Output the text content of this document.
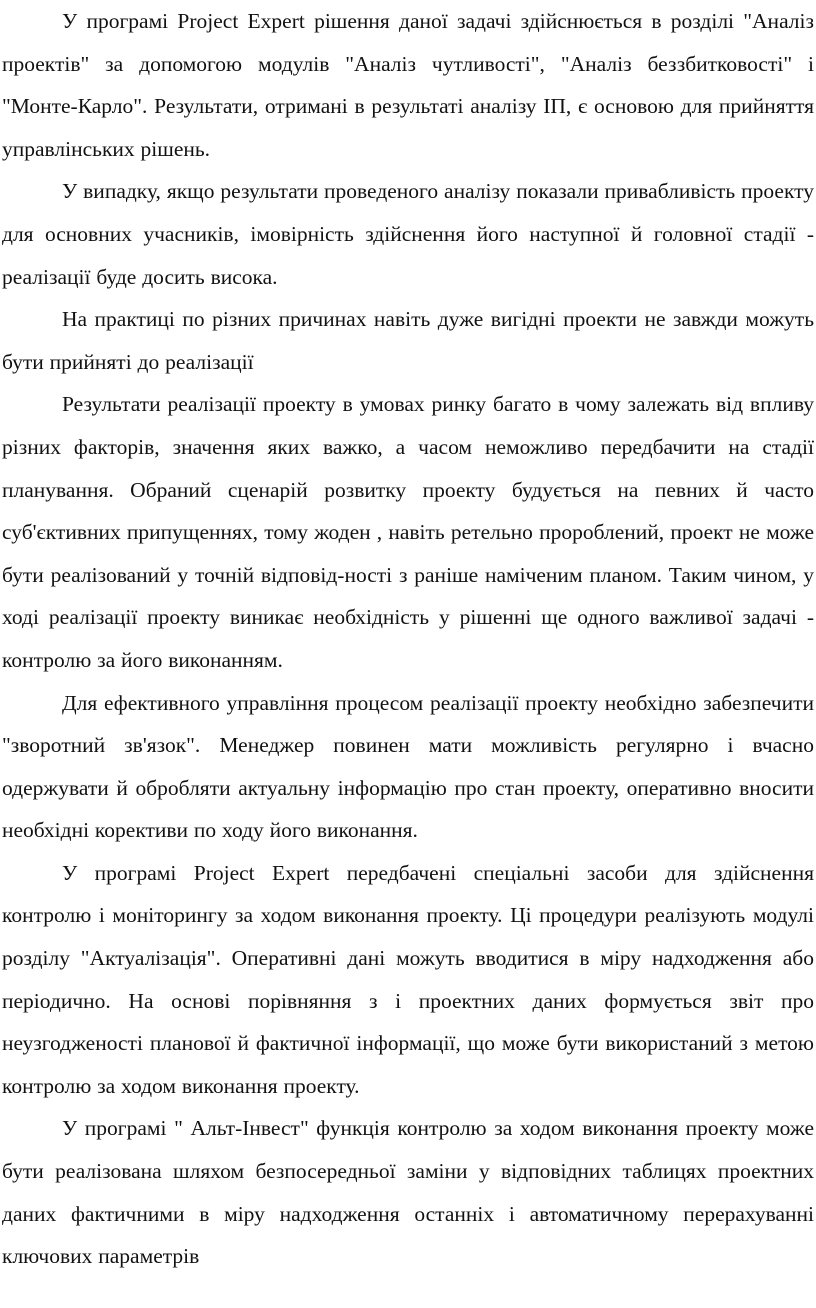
У програмі Project Expert рішення даної задачі здійснюється в розділі "Аналіз проектів" за допомогою модулів "Аналіз чутливості", "Аналіз беззбитковості" і "Монте-Карло". Результати, отримані в результаті аналізу ІП, є основою для прийняття управлінських рішень.

У випадку, якщо результати проведеного аналізу показали привабливість проекту для основних учасників, імовірність здійснення його наступної й головної стадії - реалізації буде досить висока.

На практиці по різних причинах навіть дуже вигідні проекти не завжди можуть бути прийняті до реалізації

Результати реалізації проекту в умовах ринку багато в чому залежать від впливу різних факторів, значення яких важко, а часом неможливо передбачити на стадії планування. Обраний сценарій розвитку проекту будується на певних й часто суб'єктивних припущеннях, тому жоден , навіть ретельно пророблений, проект не може бути реалізований у точній відповід-ності з раніше наміченим планом. Таким чином, у ході реалізації проекту виникає необхідність у рішенні ще одного важливої задачі - контролю за його виконанням.

Для ефективного управління процесом реалізації проекту необхідно забезпечити "зворотний зв'язок". Менеджер повинен мати можливість регулярно і вчасно одержувати й обробляти актуальну інформацію про стан проекту, оперативно вносити необхідні корективи по ходу його виконання.

У програмі Project Expert передбачені спеціальні засоби для здійснення контролю і моніторингу за ходом виконання проекту. Ці процедури реалізують модулі розділу "Актуалізація". Оперативні дані можуть вводитися в міру надходження або періодично. На основі порівняння з і проектних даних формується звіт про неузгодженості планової й фактичної інформації, що може бути використаний з метою контролю за ходом виконання проекту.

У програмі " Альт-Інвест" функція контролю за ходом виконання проекту може бути реалізована шляхом безпосередньої заміни у відповідних таблицях проектних даних фактичними в міру надходження останніх і автоматичному перерахуванні ключових параметрів
